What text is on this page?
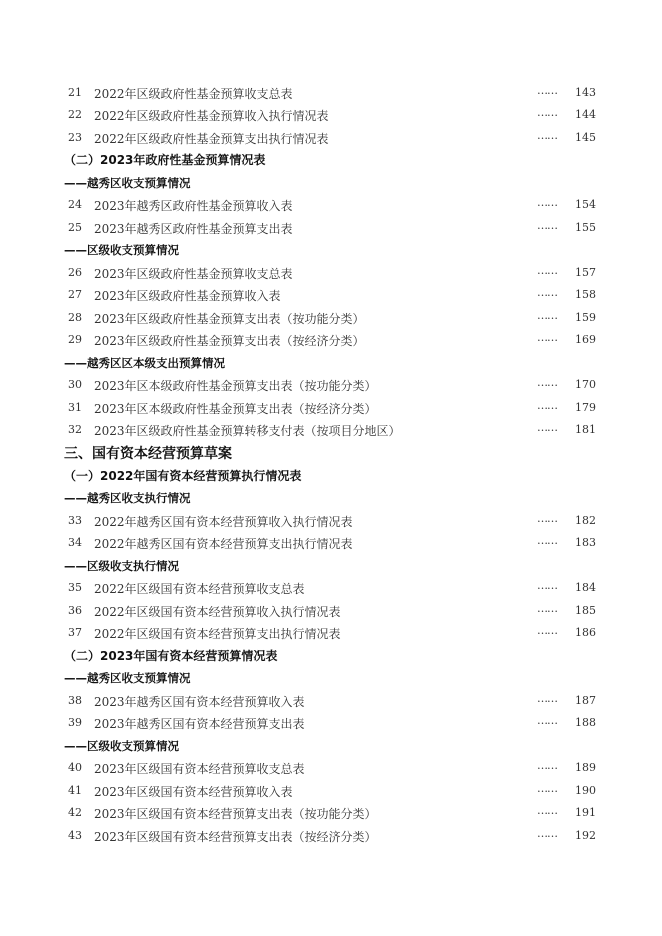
21 2022年区级政府性基金预算收支总表	…… 143
22 2022年区级政府性基金预算收入执行情况表	…… 144
23 2022年区级政府性基金预算支出执行情况表	…… 145
（二）2023年政府性基金预算情况表
——越秀区收支预算情况
24 2023年越秀区政府性基金预算收入表	…… 154
25 2023年越秀区政府性基金预算支出表	…… 155
——区级收支预算情况
26 2023年区级政府性基金预算收支总表	…… 157
27 2023年区级政府性基金预算收入表	…… 158
28 2023年区级政府性基金预算支出表（按功能分类）	…… 159
29 2023年区级政府性基金预算支出表（按经济分类）	…… 169
——越秀区区本级支出预算情况
30 2023年区本级政府性基金预算支出表（按功能分类）	…… 170
31 2023年区本级政府性基金预算支出表（按经济分类）	…… 179
32 2023年区级政府性基金预算转移支付表（按项目分地区）	…… 181
三、国有资本经营预算草案
（一）2022年国有资本经营预算执行情况表
——越秀区收支执行情况
33 2022年越秀区国有资本经营预算收入执行情况表	…… 182
34 2022年越秀区国有资本经营预算支出执行情况表	…… 183
——区级收支执行情况
35 2022年区级国有资本经营预算收支总表	…… 184
36 2022年区级国有资本经营预算收入执行情况表	…… 185
37 2022年区级国有资本经营预算支出执行情况表	…… 186
（二）2023年国有资本经营预算情况表
——越秀区收支预算情况
38 2023年越秀区国有资本经营预算收入表	…… 187
39 2023年越秀区国有资本经营预算支出表	…… 188
——区级收支预算情况
40 2023年区级国有资本经营预算收支总表	…… 189
41 2023年区级国有资本经营预算收入表	…… 190
42 2023年区级国有资本经营预算支出表（按功能分类）	…… 191
43 2023年区级国有资本经营预算支出表（按经济分类）	…… 192
